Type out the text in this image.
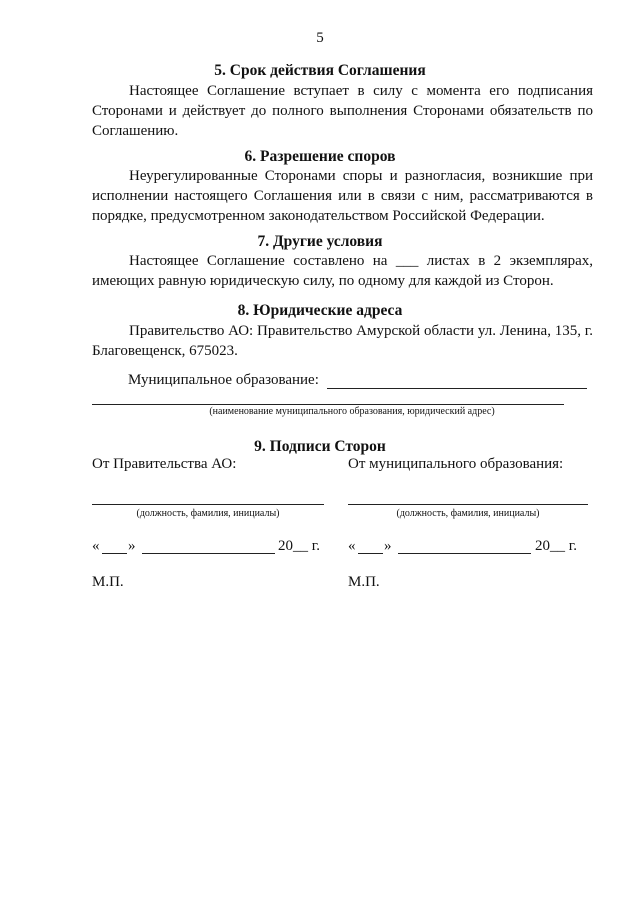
5
5. Срок действия Соглашения
Настоящее Соглашение вступает в силу с момента его подписания Сторонами и действует до полного выполнения Сторонами обязательств по Соглашению.
6. Разрешение споров
Неурегулированные Сторонами споры и разногласия, возникшие при исполнении настоящего Соглашения или в связи с ним, рассматриваются в порядке, предусмотренном законодательством Российской Федерации.
7. Другие условия
Настоящее Соглашение составлено на ___ листах в 2 экземплярах, имеющих равную юридическую силу, по одному для каждой из Сторон.
8. Юридические адреса
Правительство АО: Правительство Амурской области ул. Ленина, 135, г. Благовещенск, 675023.
Муниципальное образование:
(наименование муниципального образования, юридический адрес)
9. Подписи Сторон
От Правительства АО:	От муниципального образования:
(должность, фамилия, инициалы)	(должность, фамилия, инициалы)
« »	20__ г. « »	20__ г.
М.П.	М.П.
